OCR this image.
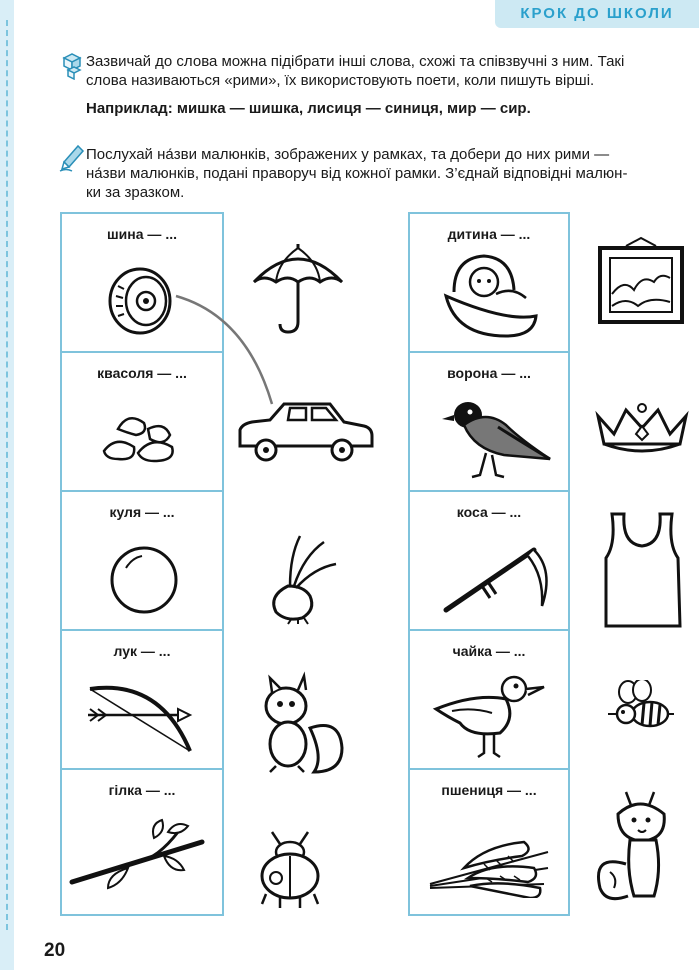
КРОК ДО ШКОЛИ

Зазвичай до слова можна підібрати інші слова, схожі та співзвучні з ним. Такі

слова називаються «рими», їх використовують поети, коли пишуть вірші.

Наприклад: мишка — шишка, лисиця — синиця, мир — сир.

Послухай на́зви малюнків, зображених у рамках, та добери до них рими —

на́зви малюнків, подані праворуч від кожної рамки. З’єднай відповідні малюн-

ки за зразком.

шина — ...
квасоля — ...
куля — ...
лук — ...
гілка — ...
дитина — ...
ворона — ...
коса — ...
чайка — ...
пшениця — ...
20
